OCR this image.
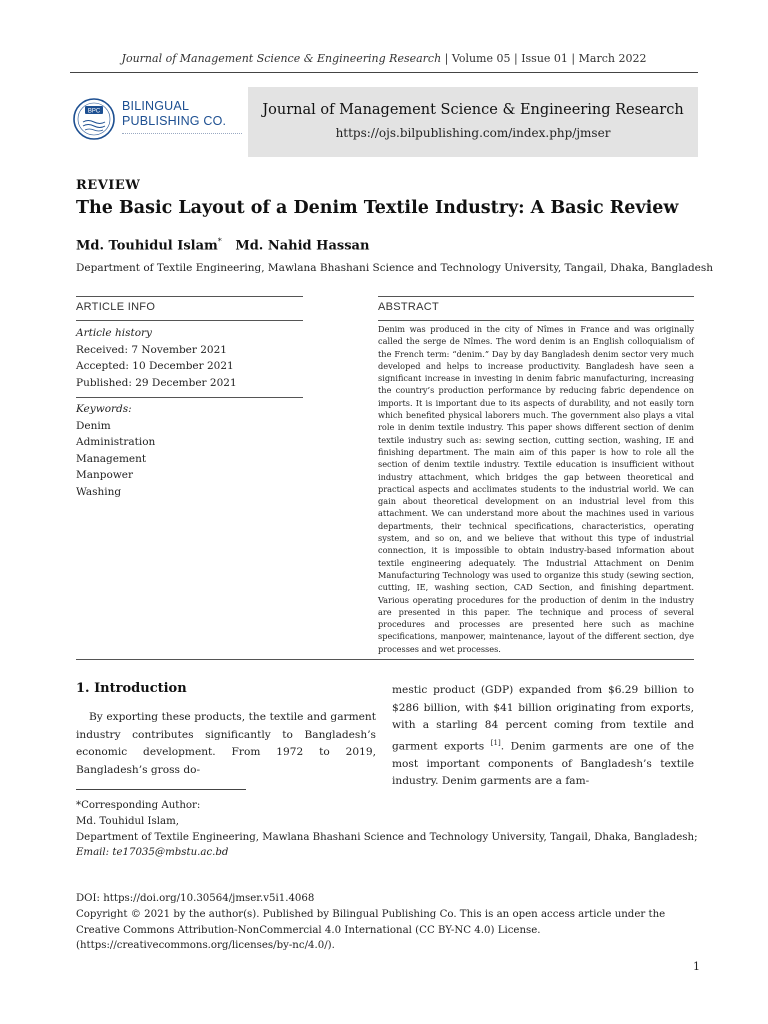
Journal of Management Science & Engineering Research | Volume 05 | Issue 01 | March 2022
BPC BILINGUAL
PUBLISHING CO.
Journal of Management Science & Engineering Research
https://ojs.bilpublishing.com/index.php/jmser
REVIEW
The Basic Layout of a Denim Textile Industry: A Basic Review
Md. Touhidul Islam* Md. Nahid Hassan
Department of Textile Engineering, Mawlana Bhashani Science and Technology University, Tangail, Dhaka, Bangladesh
ARTICLE INFO
Article history
Received: 7 November 2021
Accepted: 10 December 2021
Published: 29 December 2021
Keywords:
Denim
Administration
Management
Manpower
Washing
ABSTRACT
Denim was produced in the city of Nîmes in France and was originally called the serge de Nîmes. The word denim is an English colloquialism of the French term: “denim.” Day by day Bangladesh denim sector very much developed and helps to increase productivity. Bangladesh have seen a significant increase in investing in denim fabric manufacturing, increasing the country’s production performance by reducing fabric dependence on imports. It is important due to its aspects of durability, and not easily torn which benefited physical laborers much. The government also plays a vital role in denim textile industry. This paper shows different section of denim textile industry such as: sewing section, cutting section, washing, IE and finishing department. The main aim of this paper is how to role all the section of denim textile industry. Textile education is insufficient without industry attachment, which bridges the gap between theoretical and practical aspects and acclimates students to the industrial world. We can gain about theoretical development on an industrial level from this attachment. We can understand more about the machines used in various departments, their technical specifications, characteristics, operating system, and so on, and we believe that without this type of industrial connection, it is impossible to obtain industry-based information about textile engineering adequately. The Industrial Attachment on Denim Manufacturing Technology was used to organize this study (sewing section, cutting, IE, washing section, CAD Section, and finishing department. Various operating procedures for the production of denim in the industry are presented in this paper. The technique and process of several procedures and processes are presented here such as machine specifications, manpower, maintenance, layout of the different section, dye processes and wet processes.
1. Introduction
By exporting these products, the textile and garment industry contributes significantly to Bangladesh’s economic development. From 1972 to 2019, Bangladesh’s gross do-
mestic product (GDP) expanded from $6.29 billion to $286 billion, with $41 billion originating from exports, with a starling 84 percent coming from textile and garment exports [1]. Denim garments are one of the most important components of Bangladesh’s textile industry. Denim garments are a fam-
*Corresponding Author:
Md. Touhidul Islam,
Department of Textile Engineering, Mawlana Bhashani Science and Technology University, Tangail, Dhaka, Bangladesh;
Email: te17035@mbstu.ac.bd
DOI: https://doi.org/10.30564/jmser.v5i1.4068
Copyright © 2021 by the author(s). Published by Bilingual Publishing Co. This is an open access article under the Creative Commons Attribution-NonCommercial 4.0 International (CC BY-NC 4.0) License. (https://creativecommons.org/licenses/by-nc/4.0/).
1
